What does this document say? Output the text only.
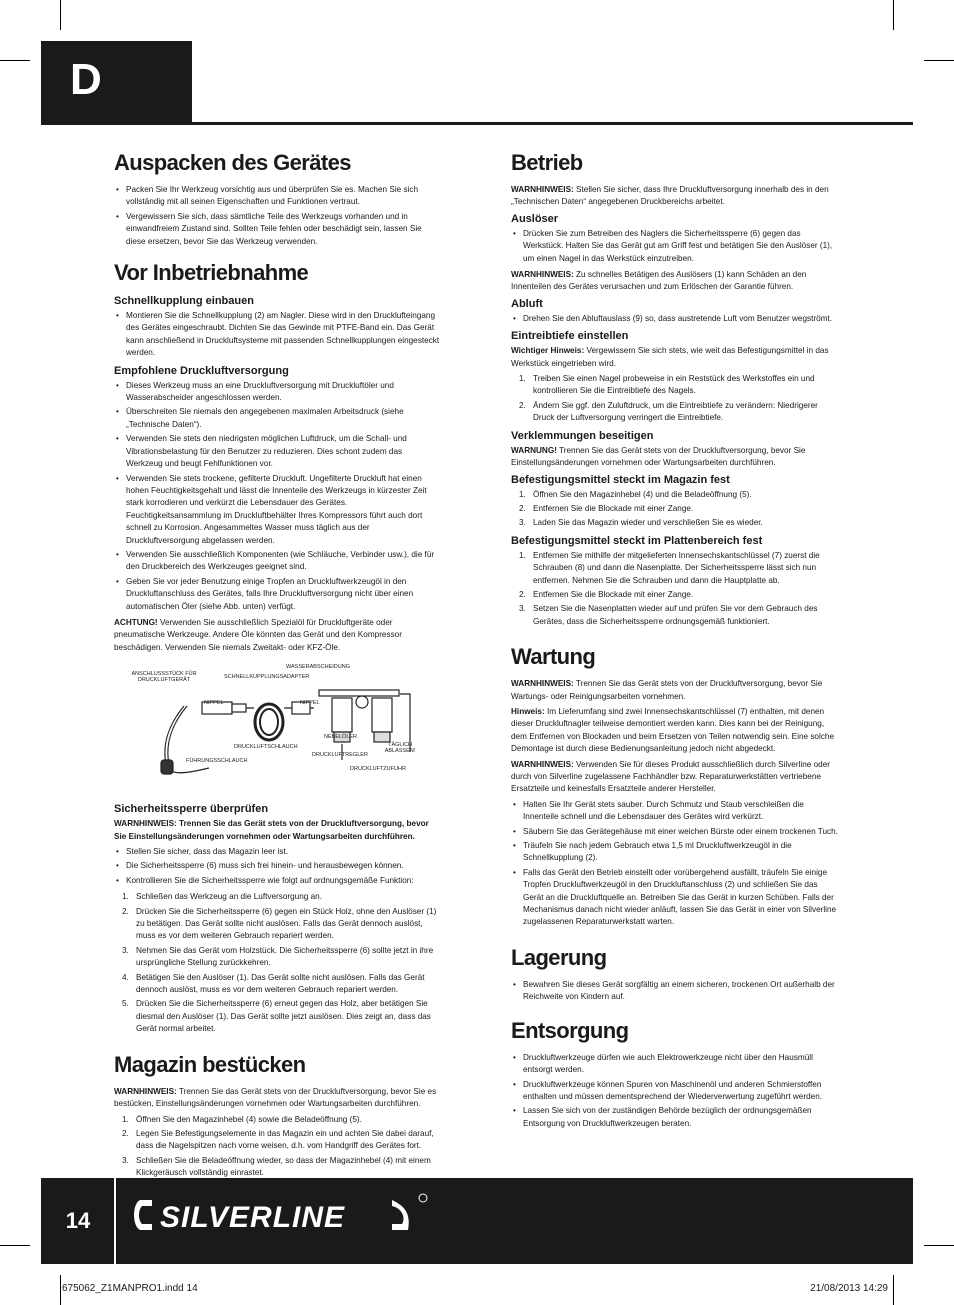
D
Auspacken des Gerätes
• Packen Sie Ihr Werkzeug vorsichtig aus und überprüfen Sie es. Machen Sie sich vollständig mit all seinen Eigenschaften und Funktionen vertraut.
• Vergewissern Sie sich, dass sämtliche Teile des Werkzeugs vorhanden und in einwandfreiem Zustand sind. Sollten Teile fehlen oder beschädigt sein, lassen Sie diese ersetzen, bevor Sie das Werkzeug verwenden.
Vor Inbetriebnahme
Schnellkupplung einbauen
• Montieren Sie die Schnellkupplung (2) am Nagler. Diese wird in den Drucklufteingang des Gerätes eingeschraubt. Dichten Sie das Gewinde mit PTFE-Band ein. Das Gerät kann anschließend in Druckluftsysteme mit passenden Schnellkupplungen eingesteckt werden.
Empfohlene Druckluftversorgung
• Dieses Werkzeug muss an eine Druckluftversorgung mit Druckluftöler und Wasserabscheider angeschlossen werden.
• Überschreiten Sie niemals den angegebenen maximalen Arbeitsdruck (siehe „Technische Daten“).
• Verwenden Sie stets den niedrigsten möglichen Luftdruck, um die Schall- und Vibrationsbelastung für den Benutzer zu reduzieren. Dies schont zudem das Werkzeug und beugt Fehlfunktionen vor.
• Verwenden Sie stets trockene, gefilterte Druckluft. Ungefilterte Druckluft hat einen hohen Feuchtigkeitsgehalt und lässt die Innenteile des Werkzeugs in kürzester Zeit stark korrodieren und verkürzt die Lebensdauer des Gerätes. Feuchtigkeitsansammlung im Druckluftbehälter Ihres Kompressors führt auch dort schnell zu Korrosion. Angesammeltes Wasser muss täglich aus der Druckluftversorgung abgelassen werden.
• Verwenden Sie ausschließlich Komponenten (wie Schläuche, Verbinder usw.), die für den Druckbereich des Werkzeuges geeignet sind.
• Geben Sie vor jeder Benutzung einige Tropfen an Druckluftwerkzeugöl in den Druckluftanschluss des Gerätes, falls Ihre Druckluftversorgung nicht über einen automatischen Öler (siehe Abb. unten) verfügt.

ACHTUNG! Verwenden Sie ausschließlich Spezialöl für Druckluftgeräte oder pneumatische Werkzeuge. Andere Öle könnten das Gerät und den Kompressor beschädigen. Verwenden Sie niemals Zweitakt- oder KFZ-Öle.

WASSERABSCHEIDUNG
ANSCHLUSSSTÜCK FÜR DRUCKLUFTGERÄT	SCHNELLKUPPLUNGSADAPTER
NIPPEL	NIPPEL
DRUCKLUFTSCHLAUCH
NEBELÖLER
TÄGLICH ABLASSEN!
DRUCKLUFTREGLER
FÜHRUNGSSCHLAUCH
DRUCKLUFTZUFUHR
Sicherheitssperre überprüfen

WARNHINWEIS: Trennen Sie das Gerät stets von der Druckluftversorgung, bevor Sie Einstellungsänderungen vornehmen oder Wartungsarbeiten durchführen.

• Stellen Sie sicher, dass das Magazin leer ist.
• Die Sicherheitssperre (6) muss sich frei hinein- und herausbewegen können.
• Kontrollieren Sie die Sicherheitssperre wie folgt auf ordnungsgemäße Funktion:
1. Schließen das Werkzeug an die Luftversorgung an.
2. Drücken Sie die Sicherheitssperre (6) gegen ein Stück Holz, ohne den Auslöser (1) zu betätigen. Das Gerät sollte nicht auslösen. Falls das Gerät dennoch auslöst, muss es vor dem weiteren Gebrauch repariert werden.
3. Nehmen Sie das Gerät vom Holzstück. Die Sicherheitssperre (6) sollte jetzt in ihre ursprüngliche Stellung zurückkehren.
4. Betätigen Sie den Auslöser (1). Das Gerät sollte nicht auslösen. Falls das Gerät dennoch auslöst, muss es vor dem weiteren Gebrauch repariert werden.
5. Drücken Sie die Sicherheitssperre (6) erneut gegen das Holz, aber betätigen Sie diesmal den Auslöser (1). Das Gerät sollte jetzt auslösen. Dies zeigt an, dass das Gerät normal arbeitet.
Magazin bestücken

WARNHINWEIS: Trennen Sie das Gerät stets von der Druckluftversorgung, bevor Sie es bestücken, Einstellungsänderungen vornehmen oder Wartungsarbeiten durchführen.

1. Öffnen Sie den Magazinhebel (4) sowie die Beladeöffnung (5).
2. Legen Sie Befestigungselemente in das Magazin ein und achten Sie dabei darauf, dass die Nagelspitzen nach vorne weisen, d.h. vom Handgriff des Gerätes fort.
3. Schließen Sie die Beladeöffnung wieder, so dass der Magazinhebel (4) mit einem Klickgeräusch vollständig einrastet.
Betrieb

WARNHINWEIS: Stellen Sie sicher, dass Ihre Druckluftversorgung innerhalb des in den „Technischen Daten“ angegebenen Druckbereichs arbeitet.

Auslöser
• Drücken Sie zum Betreiben des Naglers die Sicherheitssperre (6) gegen das Werkstück. Halten Sie das Gerät gut am Griff fest und betätigen Sie den Auslöser (1), um einen Nagel in das Werkstück einzutreiben.

WARNHINWEIS: Zu schnelles Betätigen des Auslösers (1) kann Schäden an den Innenteilen des Gerätes verursachen und zum Erlöschen der Garantie führen.

Abluft
• Drehen Sie den Abluftauslass (9) so, dass austretende Luft vom Benutzer wegströmt.
Eintreibtiefe einstellen

Wichtiger Hinweis: Vergewissern Sie sich stets, wie weit das Befestigungsmittel in das Werkstück eingetrieben wird.

1. Treiben Sie einen Nagel probeweise in ein Reststück des Werkstoffes ein und kontrollieren Sie die Eintreibtiefe des Nagels.
2. Ändern Sie ggf. den Zuluftdruck, um die Eintreibtiefe zu verändern: Niedrigerer Druck der Luftversorgung verringert die Eintreibtiefe.
Verklemmungen beseitigen

WARNUNG! Trennen Sie das Gerät stets von der Druckluftversorgung, bevor Sie Einstellungsänderungen vornehmen oder Wartungsarbeiten durchführen.

Befestigungsmittel steckt im Magazin fest
1. Öffnen Sie den Magazinhebel (4) und die Beladeöffnung (5).
2. Entfernen Sie die Blockade mit einer Zange.
3. Laden Sie das Magazin wieder und verschließen Sie es wieder.
Befestigungsmittel steckt im Plattenbereich fest
1. Entfernen Sie mithilfe der mitgelieferten Innensechskantschlüssel (7) zuerst die Schrauben (8) und dann die Nasenplatte. Der Sicherheitssperre lässt sich nun entfernen. Nehmen Sie die Schrauben und dann die Hauptplatte ab.
2. Entfernen Sie die Blockade mit einer Zange.
3. Setzen Sie die Nasenplatten wieder auf und prüfen Sie vor dem Gebrauch des Gerätes, dass die Sicherheitssperre ordnungsgemäß funktioniert.
Wartung

WARNHINWEIS: Trennen Sie das Gerät stets von der Druckluftversorgung, bevor Sie Wartungs- oder Reinigungsarbeiten vornehmen.

Hinweis: Im Lieferumfang sind zwei Innensechskantschlüssel (7) enthalten, mit denen dieser Druckluftnagler teilweise demontiert werden kann. Dies kann bei der Reinigung, dem Entfernen von Blockaden und beim Ersetzen von Teilen notwendig sein. Eine solche Demontage ist durch diese Bedienungsanleitung jedoch nicht abgedeckt.

WARNHINWEIS: Verwenden Sie für dieses Produkt ausschließlich durch Silverline oder durch von Silverline zugelassene Fachhändler bzw. Reparaturwerkstätten vertriebene Ersatzteile und keinesfalls Ersatzteile anderer Hersteller.

• Halten Sie Ihr Gerät stets sauber. Durch Schmutz und Staub verschleißen die Innenteile schnell und die Lebensdauer des Gerätes wird verkürzt.
• Säubern Sie das Gerätegehäuse mit einer weichen Bürste oder einem trockenen Tuch.
• Träufeln Sie nach jedem Gebrauch etwa 1,5 ml Druckluftwerkzeugöl in die Schnellkupplung (2).
• Falls das Gerät den Betrieb einstellt oder vorübergehend ausfällt, träufeln Sie einige Tropfen Druckluftwerkzeugöl in den Druckluftanschluss (2) und schließen Sie das Gerät an die Druckluftquelle an. Betreiben Sie das Gerät in kurzen Schüben. Falls der Mechanismus danach nicht wieder anläuft, lassen Sie das Gerät in einer von Silverline zugelassenen Reparaturwerkstatt warten.
Lagerung
• Bewahren Sie dieses Gerät sorgfältig an einem sicheren, trockenen Ort außerhalb der Reichweite von Kindern auf.
Entsorgung
• Druckluftwerkzeuge dürfen wie auch Elektrowerkzeuge nicht über den Hausmüll entsorgt werden.
• Druckluftwerkzeuge können Spuren von Maschinenöl und anderen Schmierstoffen enthalten und müssen dementsprechend der Wiederverwertung zugeführt werden.
• Lassen Sie sich von der zuständigen Behörde bezüglich der ordnungsgemäßen Entsorgung von Druckluftwerkzeugen beraten.
14	SILVERLINE
675062_Z1MANPRO1.indd 14	21/08/2013 14:29
